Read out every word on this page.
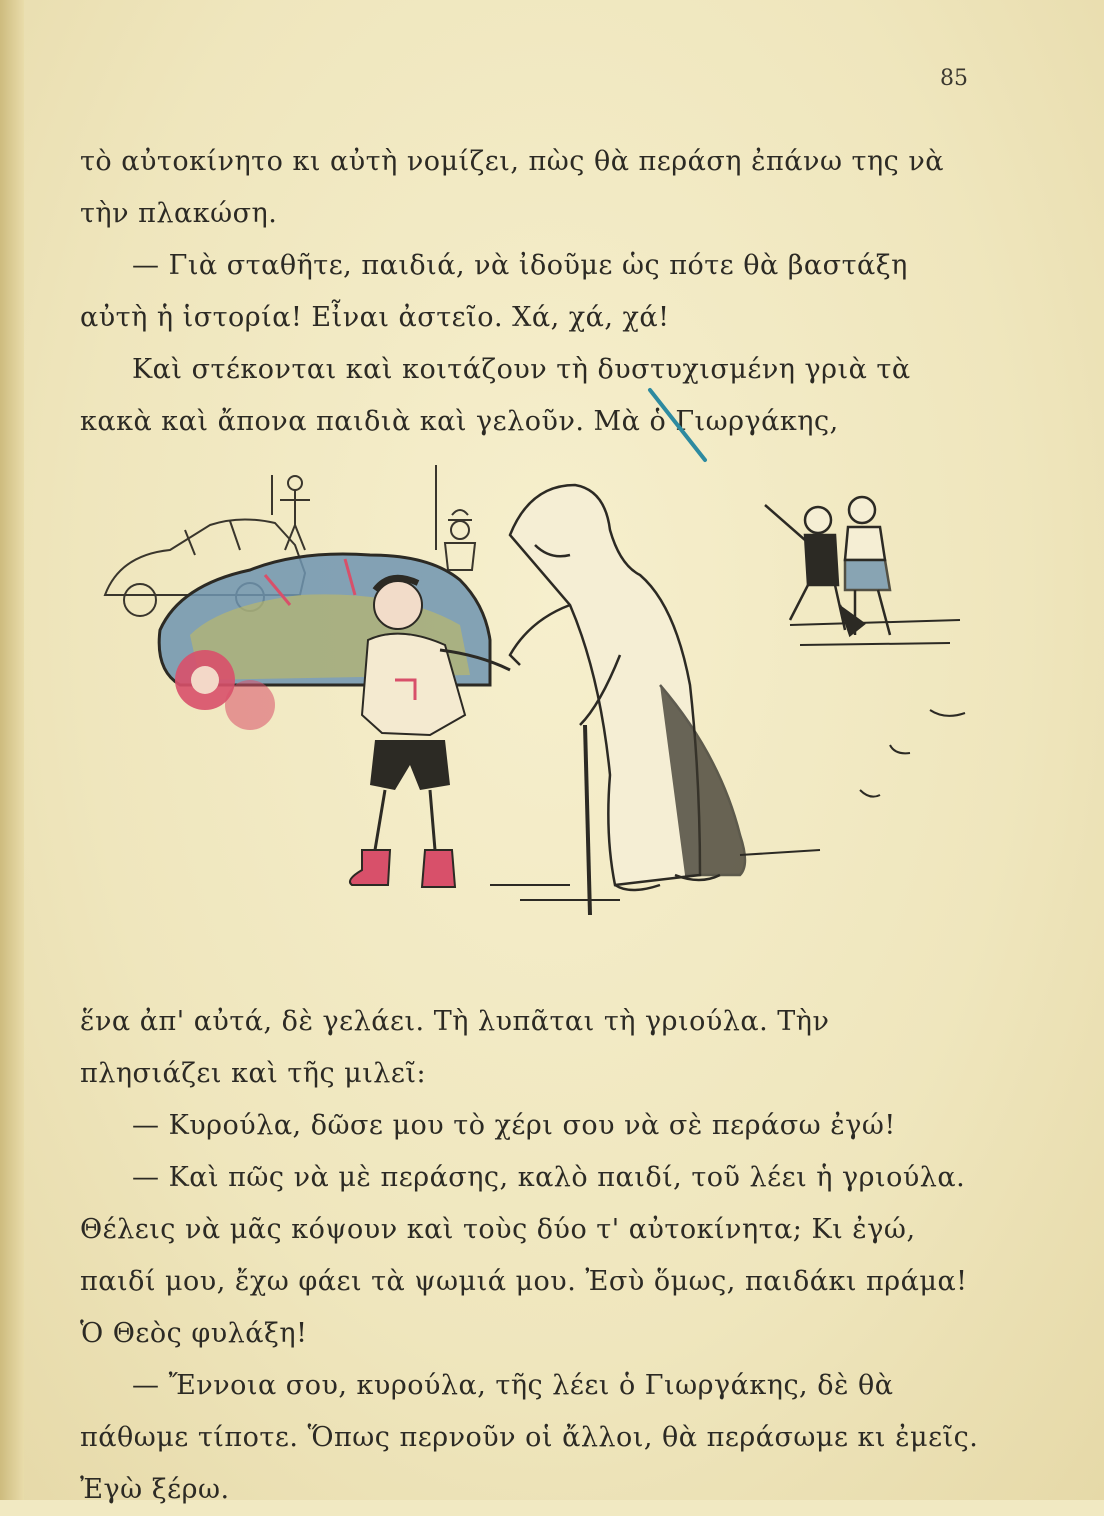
85

τὸ αὐτοκίνητο κι αὐτὴ νομίζει, πὼς θὰ περάση ἐπάνω της νὰ τὴν πλακώση.

— Γιὰ σταθῆτε, παιδιά, νὰ ἰδοῦμε ὡς πότε θὰ βαστάξη αὐτὴ ἡ ἱστορία! Εἶναι ἀστεῖο. Χά, χά, χά!

Καὶ στέκονται καὶ κοιτάζουν τὴ δυστυχισμένη γριὰ τὰ κακὰ καὶ ἄπονα παιδιὰ καὶ γελοῦν. Μὰ ὁ Γιωργάκης,

ἕνα ἀπ' αὐτά, δὲ γελάει. Τὴ λυπᾶται τὴ γριούλα. Τὴν πλησιάζει καὶ τῆς μιλεῖ:

— Κυρούλα, δῶσε μου τὸ χέρι σου νὰ σὲ περάσω ἐγώ!

— Καὶ πῶς νὰ μὲ περάσης, καλὸ παιδί, τοῦ λέει ἡ γριούλα. Θέλεις νὰ μᾶς κόψουν καὶ τοὺς δύο τ' αὐτοκίνητα; Κι ἐγώ, παιδί μου, ἔχω φάει τὰ ψωμιά μου. Ἐσὺ ὅμως, παιδάκι πράμα! Ὁ Θεὸς φυλάξη!

— Ἔννοια σου, κυρούλα, τῆς λέει ὁ Γιωργάκης, δὲ θὰ πάθωμε τίποτε. Ὅπως περνοῦν οἱ ἄλλοι, θὰ περάσωμε κι ἐμεῖς. Ἐγὼ ξέρω.
